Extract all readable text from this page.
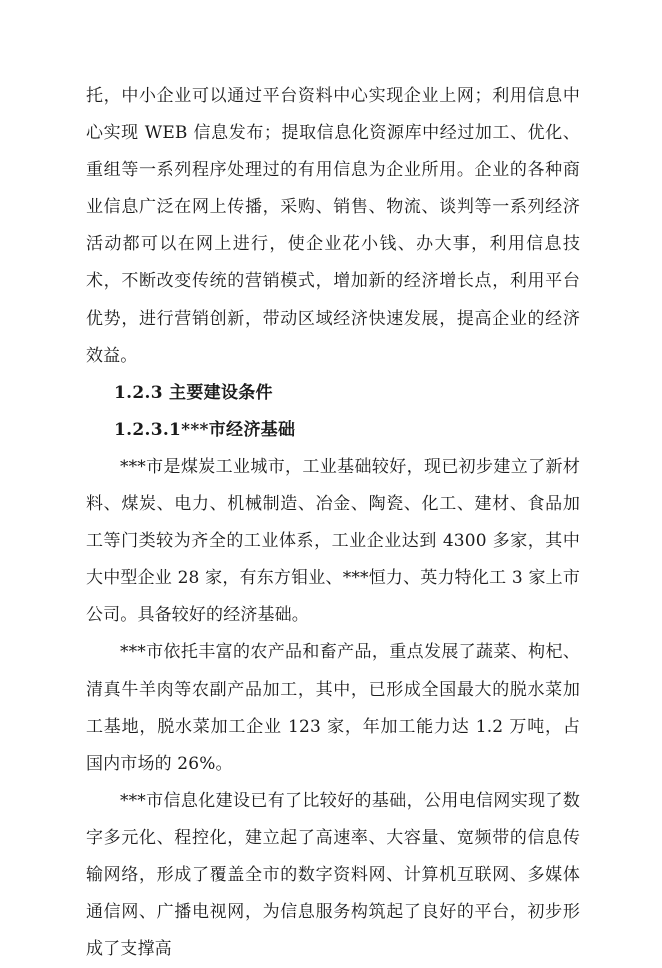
托，中小企业可以通过平台资料中心实现企业上网；利用信息中心实现 WEB 信息发布；提取信息化资源库中经过加工、优化、重组等一系列程序处理过的有用信息为企业所用。企业的各种商业信息广泛在网上传播，采购、销售、物流、谈判等一系列经济活动都可以在网上进行，使企业花小钱、办大事，利用信息技术，不断改变传统的营销模式，增加新的经济增长点，利用平台优势，进行营销创新，带动区域经济快速发展，提高企业的经济效益。

1.2.3 主要建设条件

1.2.3.1***市经济基础

***市是煤炭工业城市，工业基础较好，现已初步建立了新材料、煤炭、电力、机械制造、冶金、陶瓷、化工、建材、食品加工等门类较为齐全的工业体系，工业企业达到 4300 多家，其中大中型企业 28 家，有东方钼业、***恒力、英力特化工 3 家上市公司。具备较好的经济基础。

***市依托丰富的农产品和畜产品，重点发展了蔬菜、枸杞、清真牛羊肉等农副产品加工，其中，已形成全国最大的脱水菜加工基地，脱水菜加工企业 123 家，年加工能力达 1.2 万吨，占国内市场的 26%。

***市信息化建设已有了比较好的基础，公用电信网实现了数字多元化、程控化，建立起了高速率、大容量、宽频带的信息传输网络，形成了覆盖全市的数字资料网、计算机互联网、多媒体通信网、广播电视网，为信息服务构筑起了良好的平台，初步形成了支撑高
